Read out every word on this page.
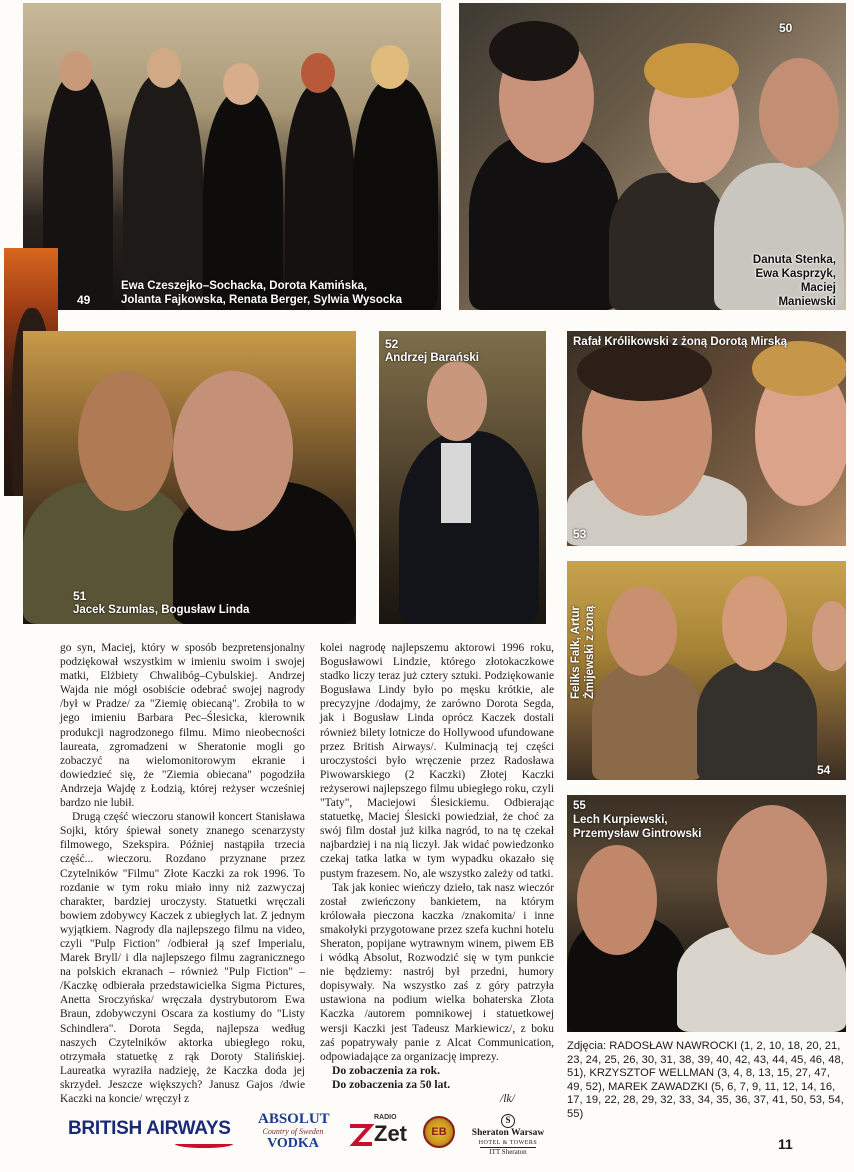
49
Ewa Czeszejko–Sochacka, Dorota Kamińska,
Jolanta Fajkowska, Renata Berger, Sylwia Wysocka
50
Danuta Stenka,
Ewa Kasprzyk,
Maciej
Maniewski
51
Jacek Szumlas, Bogusław Linda
52
Andrzej Barański
Rafał Królikowski z żoną Dorotą Mirską
53
Feliks Falk, Artur Żmijewski z żoną
54
55
Lech Kurpiewski,
Przemysław Gintrowski

go syn, Maciej, który w sposób bezpretensjonalny podziękował wszystkim w imieniu swoim i swojej matki, Elżbiety Chwalibóg–Cybulskiej. Andrzej Wajda nie mógł osobiście odebrać swojej nagrody /był w Pradze/ za "Ziemię obiecaną". Zrobiła to w jego imieniu Barbara Pec–Ślesicka, kierownik produkcji nagrodzonego filmu. Mimo nieobecności laureata, zgromadzeni w Sheratonie mogli go zobaczyć na wielomonitorowym ekranie i dowiedzieć się, że "Ziemia obiecana" pogodziła Andrzeja Wajdę z Łodzią, której reżyser wcześniej bardzo nie lubił.

Drugą część wieczoru stanowił koncert Stanisława Sojki, który śpiewał sonety znanego scenarzysty filmowego, Szekspira. Później nastąpiła trzecia część... wieczoru. Rozdano przyznane przez Czytelników "Filmu" Złote Kaczki za rok 1996. To rozdanie w tym roku miało inny niż zazwyczaj charakter, bardziej uroczysty. Statuetki wręczali bowiem zdobywcy Kaczek z ubiegłych lat. Z jednym wyjątkiem. Nagrody dla najlepszego filmu na video, czyli "Pulp Fiction" /odbierał ją szef Imperialu, Marek Bryll/ i dla najlepszego filmu zagranicznego na polskich ekranach – również "Pulp Fiction" – /Kaczkę odbierała przedstawicielka Sigma Pictures, Anetta Sroczyńska/ wręczała dystrybutorom Ewa Braun, zdobywczyni Oscara za kostiumy do "Listy Schindlera". Dorota Segda, najlepsza według naszych Czytelników aktorka ubiegłego roku, otrzymała statuetkę z rąk Doroty Stalińskiej. Laureatka wyraziła nadzieję, że Kaczka doda jej skrzydeł. Jeszcze większych? Janusz Gajos /dwie Kaczki na koncie/ wręczył z

kolei nagrodę najlepszemu aktorowi 1996 roku, Bogusławowi Lindzie, którego złotokaczkowe stadko liczy teraz już cztery sztuki. Podziękowanie Bogusława Lindy było po męsku krótkie, ale precyzyjne /dodajmy, że zarówno Dorota Segda, jak i Bogusław Linda oprócz Kaczek dostali również bilety lotnicze do Hollywood ufundowane przez British Airways/. Kulminacją tej części uroczystości było wręczenie przez Radosława Piwowarskiego (2 Kaczki) Złotej Kaczki reżyserowi najlepszego filmu ubiegłego roku, czyli "Taty", Maciejowi Ślesickiemu. Odbierając statuetkę, Maciej Ślesicki powiedział, że choć za swój film dostał już kilka nagród, to na tę czekał najbardziej i na nią liczył. Jak widać powiedzonko czekaj tatka latka w tym wypadku okazało się pustym frazesem. No, ale wszystko zależy od tatki.

Tak jak koniec wieńczy dzieło, tak nasz wieczór został zwieńczony bankietem, na którym królowała pieczona kaczka /znakomita/ i inne smakołyki przygotowane przez szefa kuchni hotelu Sheraton, popijane wytrawnym winem, piwem EB i wódką Absolut, Rozwodzić się w tym punkcie nie będziemy: nastrój był przedni, humory dopisywały. Na wszystko zaś z góry patrzyła ustawiona na podium wielka bohaterska Złota Kaczka /autorem pomnikowej i statuetkowej wersji Kaczki jest Tadeusz Markiewicz/, z boku zaś popatrywały panie z Alcat Communication, odpowiadające za organizację imprezy.

Do zobaczenia za rok.

Do zobaczenia za 50 lat.

/lk/
Zdjęcia: RADOSŁAW NAWROCKI (1, 2, 10, 18, 20, 21, 23, 24, 25, 26, 30, 31, 38, 39, 40, 42, 43, 44, 45, 46, 48, 51), KRZYSZTOF WELLMAN (3, 4, 8, 13, 15, 27, 47, 49, 52), MAREK ZAWADZKI (5, 6, 7, 9, 11, 12, 14, 16, 17, 19, 22, 28, 29, 32, 33, 34, 35, 36, 37, 41, 50, 53, 54, 55)
BRITISH AIRWAYS ABSOLUT
Country of Sweden
VODKA
RADIO
Zet	EB
S
Sheraton Warsaw
HOTEL & TOWERS
ITT Sheraton	11
